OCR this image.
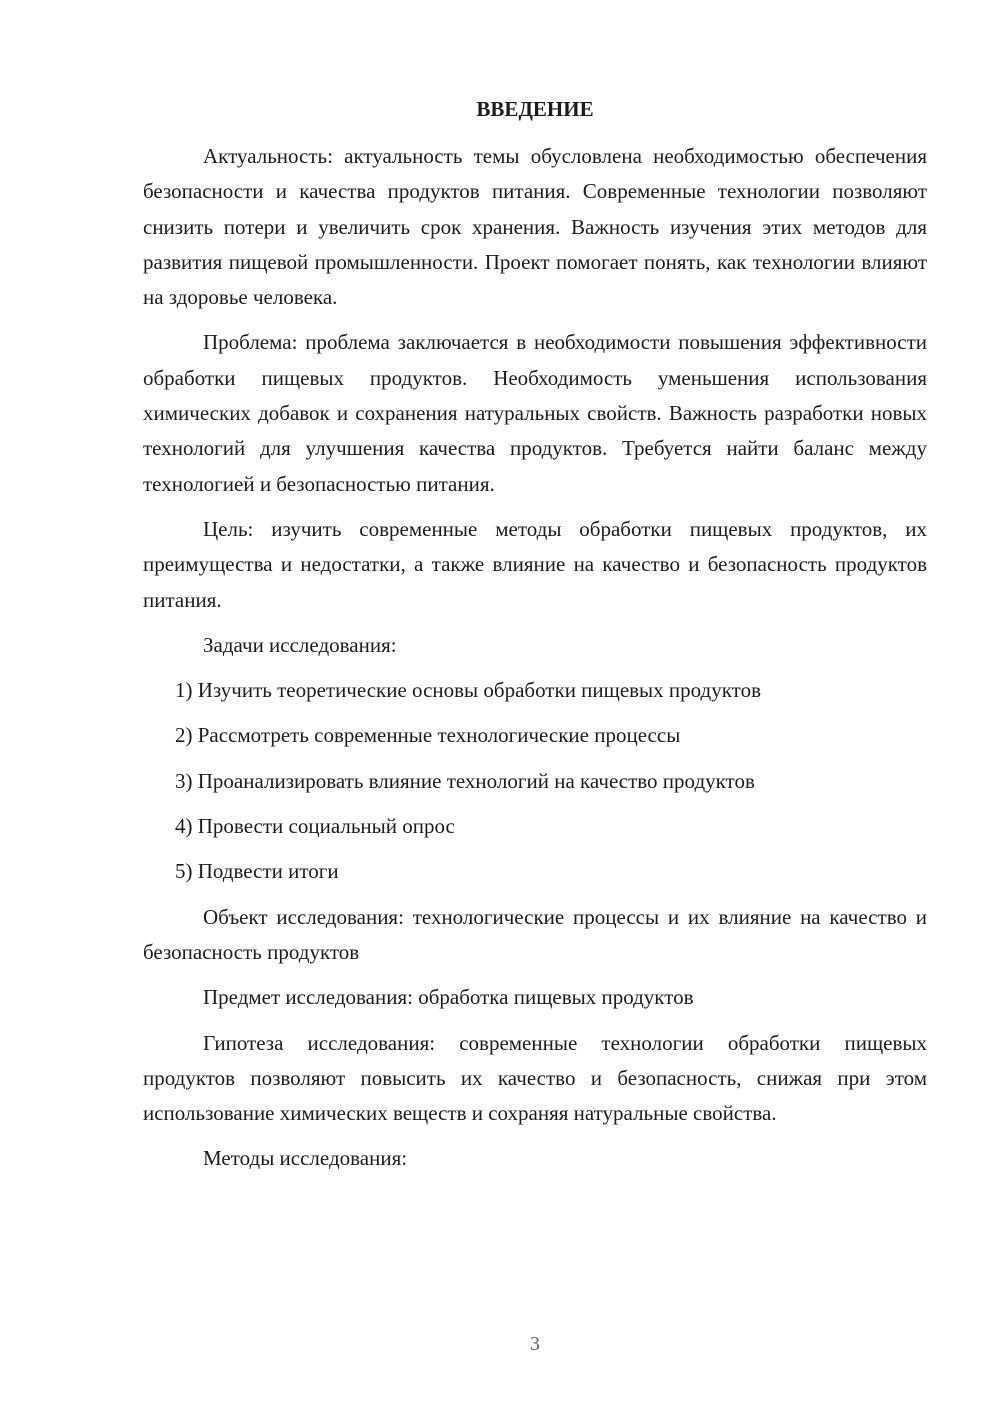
ВВЕДЕНИЕ

Актуальность: актуальность темы обусловлена необходимостью обеспечения безопасности и качества продуктов питания. Современные технологии позволяют снизить потери и увеличить срок хранения. Важность изучения этих методов для развития пищевой промышленности. Проект помогает понять, как технологии влияют на здоровье человека.

Проблема: проблема заключается в необходимости повышения эффективности обработки пищевых продуктов. Необходимость уменьшения использования химических добавок и сохранения натуральных свойств. Важность разработки новых технологий для улучшения качества продуктов. Требуется найти баланс между технологией и безопасностью питания.

Цель: изучить современные методы обработки пищевых продуктов, их преимущества и недостатки, а также влияние на качество и безопасность продуктов питания.

Задачи исследования:

1) Изучить теоретические основы обработки пищевых продуктов
2) Рассмотреть современные технологические процессы
3) Проанализировать влияние технологий на качество продуктов
4) Провести социальный опрос
5) Подвести итоги

Объект исследования: технологические процессы и их влияние на качество и безопасность продуктов

Предмет исследования: обработка пищевых продуктов

Гипотеза исследования: современные технологии обработки пищевых продуктов позволяют повысить их качество и безопасность, снижая при этом использование химических веществ и сохраняя натуральные свойства.

Методы исследования:

3
